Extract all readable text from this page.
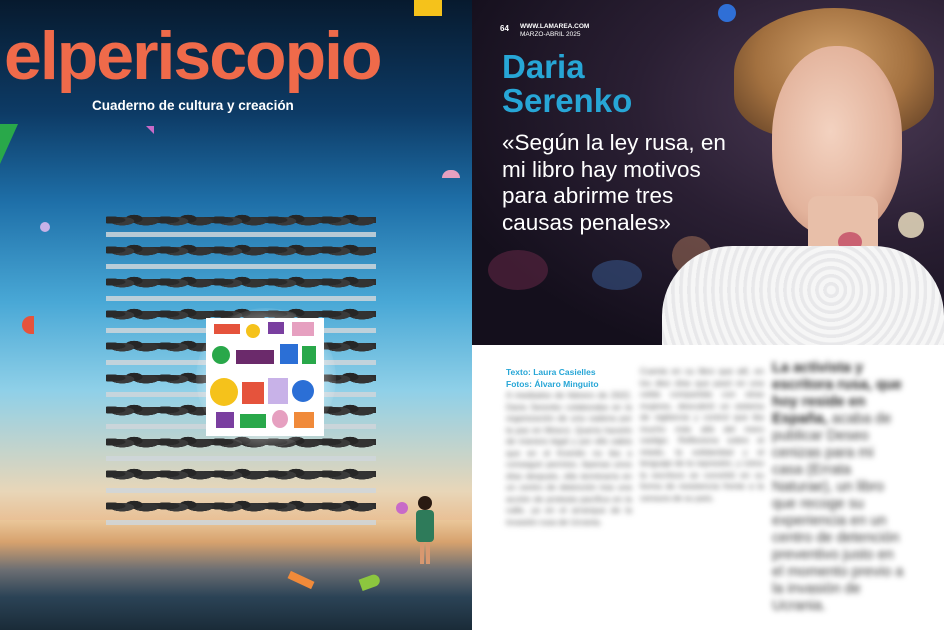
elperiscopio
Cuaderno de cultura y creación
64 WWW.LAMAREA.COM
MARZO-ABRIL 2025
Daria
Serenko
«Según la ley rusa, en mi libro hay motivos para abrirme tres causas penales»
Texto: Laura Casielles
Fotos: Álvaro Minguito
A mediados de febrero de 2022, Daria Serenko colaboraba en la organización de una cadena por la paz en Moscú. Quería hacerlo de manera legal y por ello sabía que en el Kremlin no iba a conseguir permiso. Apenas unos días después, ella terminaría en un centro de detención tras una acción de protesta pacífica en la calle, ya en el arranque de la invasión rusa de Ucrania.
Cuenta en su libro que allí, en los diez días que pasó en una celda compartida con otras mujeres, descubrió un sistema de vigilancia y control que iba mucho más allá del mero castigo. Reflexiona sobre el miedo, la solidaridad y el lenguaje de la represión, y cómo la escritura se convirtió en su forma de resistencia frente a la censura de su país.
La activista y escritora rusa, que hoy reside en España, acaba de publicar Deseo cenizas para mi casa (Errata Naturae), un libro que recoge su experiencia en un centro de detención preventivo justo en el momento previo a la invasión de Ucrania.
